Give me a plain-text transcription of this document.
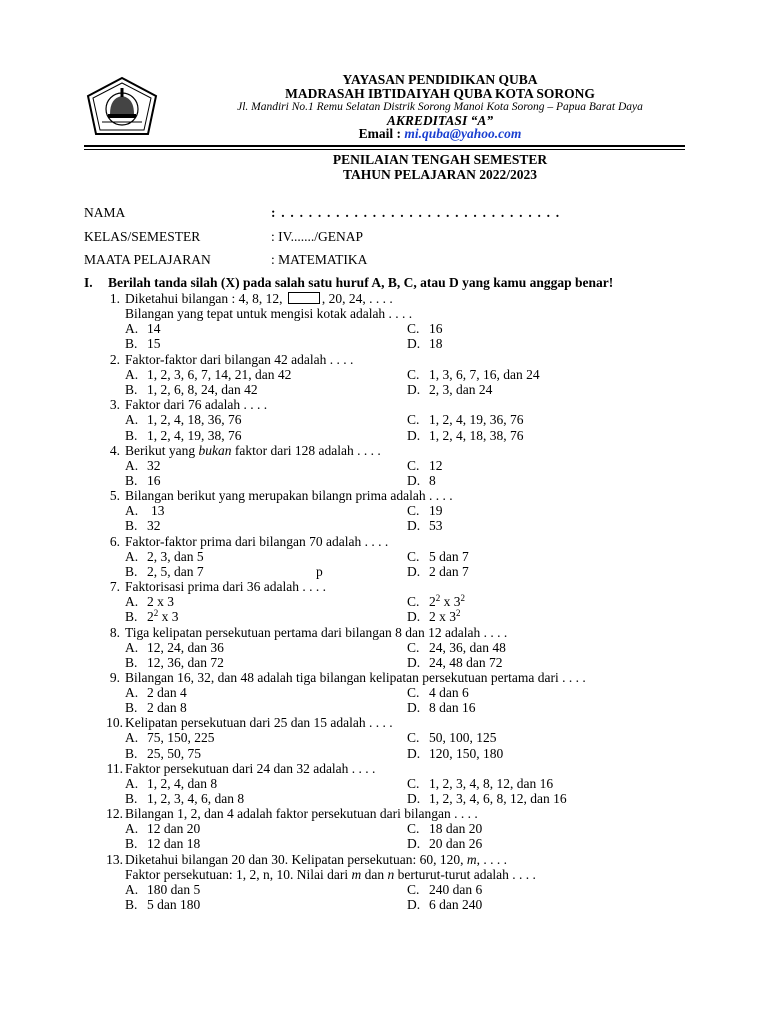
YAYASAN PENDIDIKAN QUBA
MADRASAH IBTIDAIYAH QUBA KOTA SORONG
Jl. Mandiri No.1 Remu Selatan Distrik Sorong Manoi Kota Sorong – Papua Barat Daya
AKREDITASI “A”
Email : mi.quba@yahoo.com
PENILAIAN TENGAH SEMESTER
TAHUN PELAJARAN 2022/2023
NAMA	: . . . . . . . . . . . . . . . . . . . . . . . . . . . . . . .
KELAS/SEMESTER	: IV......./GENAP
MAATA PELAJARAN	: MATEMATIKA
I. Berilah tanda silah (X) pada salah satu huruf A, B, C, atau D yang kamu anggap benar!
1. Diketahui bilangan : 4, 8, 12,	, 20, 24, . . . .
Bilangan yang tepat untuk mengisi kotak adalah . . . .
A. 14	C. 16
B. 15	D. 18
2. Faktor-faktor dari bilangan 42 adalah . . . .
A. 1, 2, 3, 6, 7, 14, 21, dan 42	C. 1, 3, 6, 7, 16, dan 24
B. 1, 2, 6, 8, 24, dan 42	D. 2, 3, dan 24
3. Faktor dari 76 adalah . . . .
A. 1, 2, 4, 18, 36, 76	C. 1, 2, 4, 19, 36, 76
B. 1, 2, 4, 19, 38, 76	D. 1, 2, 4, 18, 38, 76
4. Berikut yang bukan faktor dari 128 adalah . . . .
A. 32	C. 12
B. 16	D. 8
5. Bilangan berikut yang merupakan bilangn prima adalah . . . .
A. 13	C. 19
B. 32	D. 53
6. Faktor-faktor prima dari bilangan 70 adalah . . . .
A. 2, 3, dan 5	C. 5 dan 7
B. 2, 5, dan 7	p	D. 2 dan 7
7. Faktorisasi prima dari 36 adalah . . . .
A. 2 x 3	C. $2^2$ x $3^2$
B. $2^2$ x 3	D. 2 x $3^2$
8. Tiga kelipatan persekutuan pertama dari bilangan 8 dan 12 adalah . . . .
A. 12, 24, dan 36	C. 24, 36, dan 48
B. 12, 36, dan 72	D. 24, 48 dan 72
9. Bilangan 16, 32, dan 48 adalah tiga bilangan kelipatan persekutuan pertama dari . . . .
A. 2 dan 4	C. 4 dan 6
B. 2 dan 8	D. 8 dan 16
10. Kelipatan persekutuan dari 25 dan 15 adalah . . . .
A. 75, 150, 225	C. 50, 100, 125
B. 25, 50, 75	D. 120, 150, 180
11. Faktor persekutuan dari 24 dan 32 adalah . . . .
A. 1, 2, 4, dan 8	C. 1, 2, 3, 4, 8, 12, dan 16
B. 1, 2, 3, 4, 6, dan 8	D. 1, 2, 3, 4, 6, 8, 12, dan 16
12. Bilangan 1, 2, dan 4 adalah faktor persekutuan dari bilangan . . . .
A. 12 dan 20	C. 18 dan 20
B. 12 dan 18	D. 20 dan 26
13. Diketahui bilangan 20 dan 30. Kelipatan persekutuan: 60, 120, m, . . . .
Faktor persekutuan: 1, 2, n, 10. Nilai dari m dan n berturut-turut adalah . . . .
A. 180 dan 5	C. 240 dan 6
B. 5 dan 180	D. 6 dan 240
